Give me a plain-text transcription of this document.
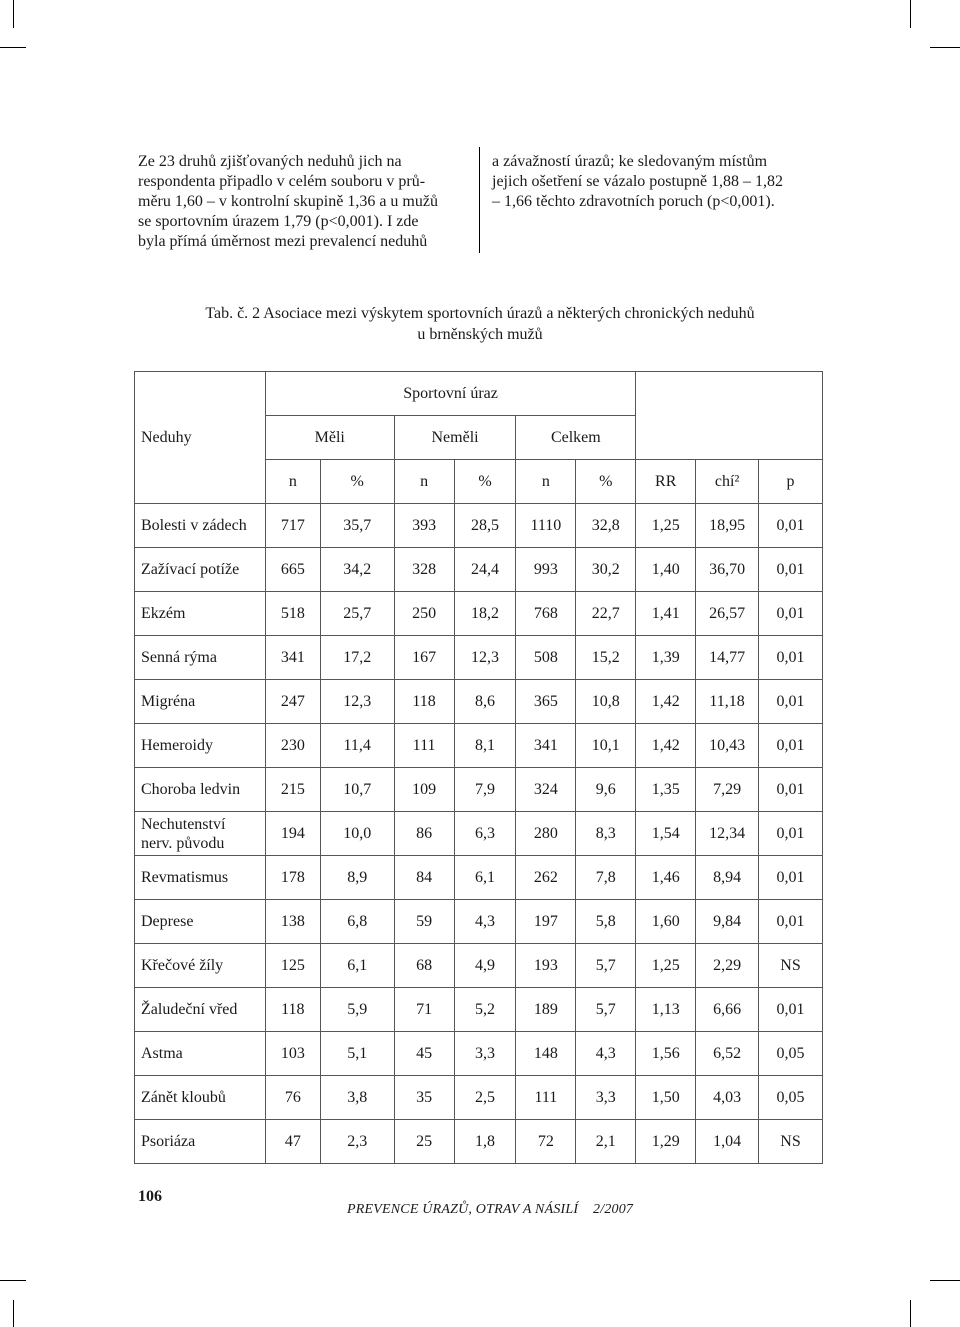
Ze 23 druhů zjišťovaných neduhů jich na
respondenta připadlo v celém souboru v prů-
měru 1,60 – v kontrolní skupině 1,36 a u mužů
se sportovním úrazem 1,79 (p<0,001). I zde
byla přímá úměrnost mezi prevalencí neduhů
a závažností úrazů; ke sledovaným místům
jejich ošetření se vázalo postupně 1,88 – 1,82
– 1,66 těchto zdravotních poruch (p<0,001).
Tab. č. 2 Asociace mezi výskytem sportovních úrazů a některých chronických neduhů
u brněnských mužů
	Sportovní úraz								
Neduhy	Měli		Neměli		Celkem				
	n	%	n	%	n	%	RR	chí²	p
Bolesti v zádech	717	35,7	393	28,5	1110	32,8	1,25	18,95	0,01
Zažívací potíže	665	34,2	328	24,4	993	30,2	1,40	36,70	0,01
Ekzém	518	25,7	250	18,2	768	22,7	1,41	26,57	0,01
Senná rýma	341	17,2	167	12,3	508	15,2	1,39	14,77	0,01
Migréna	247	12,3	118	8,6	365	10,8	1,42	11,18	0,01
Hemeroidy	230	11,4	111	8,1	341	10,1	1,42	10,43	0,01
Choroba ledvin	215	10,7	109	7,9	324	9,6	1,35	7,29	0,01

Nechutenství
nerv. původu	194	10,0	86	6,3	280	8,3	1,54	12,34	0,01
Revmatismus	178	8,9	84	6,1	262	7,8	1,46	8,94	0,01
Deprese	138	6,8	59	4,3	197	5,8	1,60	9,84	0,01
Křečové žíly	125	6,1	68	4,9	193	5,7	1,25	2,29	NS
Žaludeční vřed	118	5,9	71	5,2	189	5,7	1,13	6,66	0,01
Astma	103	5,1	45	3,3	148	4,3	1,56	6,52	0,05
Zánět kloubů	76	3,8	35	2,5	111	3,3	1,50	4,03	0,05
Psoriáza	47	2,3	25	1,8	72	2,1	1,29	1,04	NS
106
PREVENCE ÚRAZŮ, OTRAV A NÁSILÍ    2/2007
